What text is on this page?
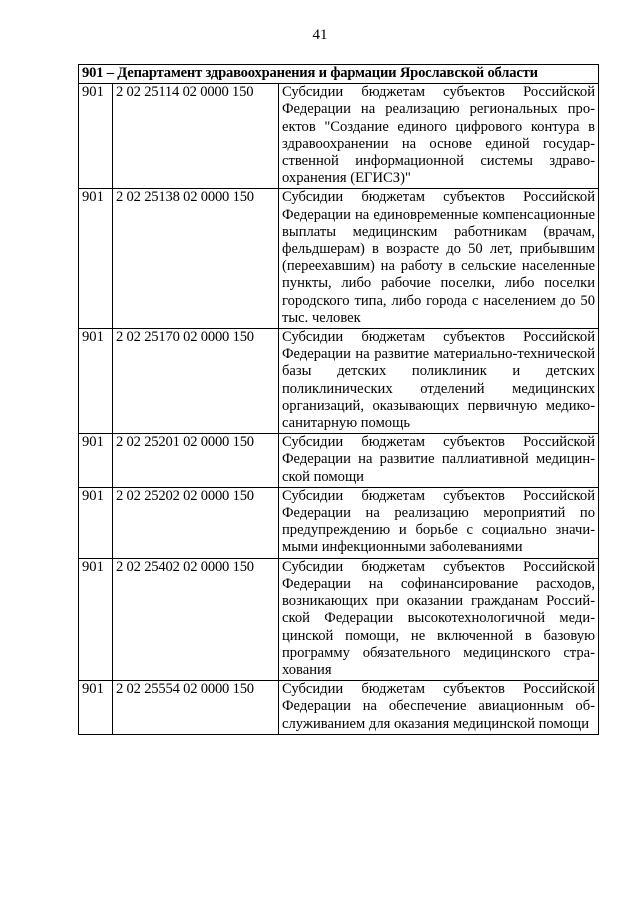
41
901 – Департамент здравоохранения и фармации Ярославской области		
901	2 02 25114 02 0000 150	Субсидии бюджетам субъектов Российской Федерации на реализацию региональных проектов "Создание единого цифрового контура в здравоохранении на основе единой государственной информационной системы здравоохранения (ЕГИСЗ)"
901	2 02 25138 02 0000 150	Субсидии бюджетам субъектов Российской Федерации на единовременные компенсационные выплаты медицинским работникам (врачам, фельдшерам) в возрасте до 50 лет, прибывшим (переехавшим) на работу в сельские населенные пункты, либо рабочие поселки, либо поселки городского типа, либо города с населением до 50 тыс. человек
901	2 02 25170 02 0000 150	Субсидии бюджетам субъектов Российской Федерации на развитие материально-технической базы детских поликлиник и детских поликлинических отделений медицинских организаций, оказывающих первичную медико-санитарную помощь
901	2 02 25201 02 0000 150	Субсидии бюджетам субъектов Российской Федерации на развитие паллиативной медицинской помощи
901	2 02 25202 02 0000 150	Субсидии бюджетам субъектов Российской Федерации на реализацию мероприятий по предупреждению и борьбе с социально значимыми инфекционными заболеваниями
901	2 02 25402 02 0000 150	Субсидии бюджетам субъектов Российской Федерации на софинансирование расходов, возникающих при оказании гражданам Российской Федерации высокотехнологичной медицинской помощи, не включенной в базовую программу обязательного медицинского страхования
901	2 02 25554 02 0000 150	Субсидии бюджетам субъектов Российской Федерации на обеспечение авиационным обслуживанием для оказания медицинской помощи
